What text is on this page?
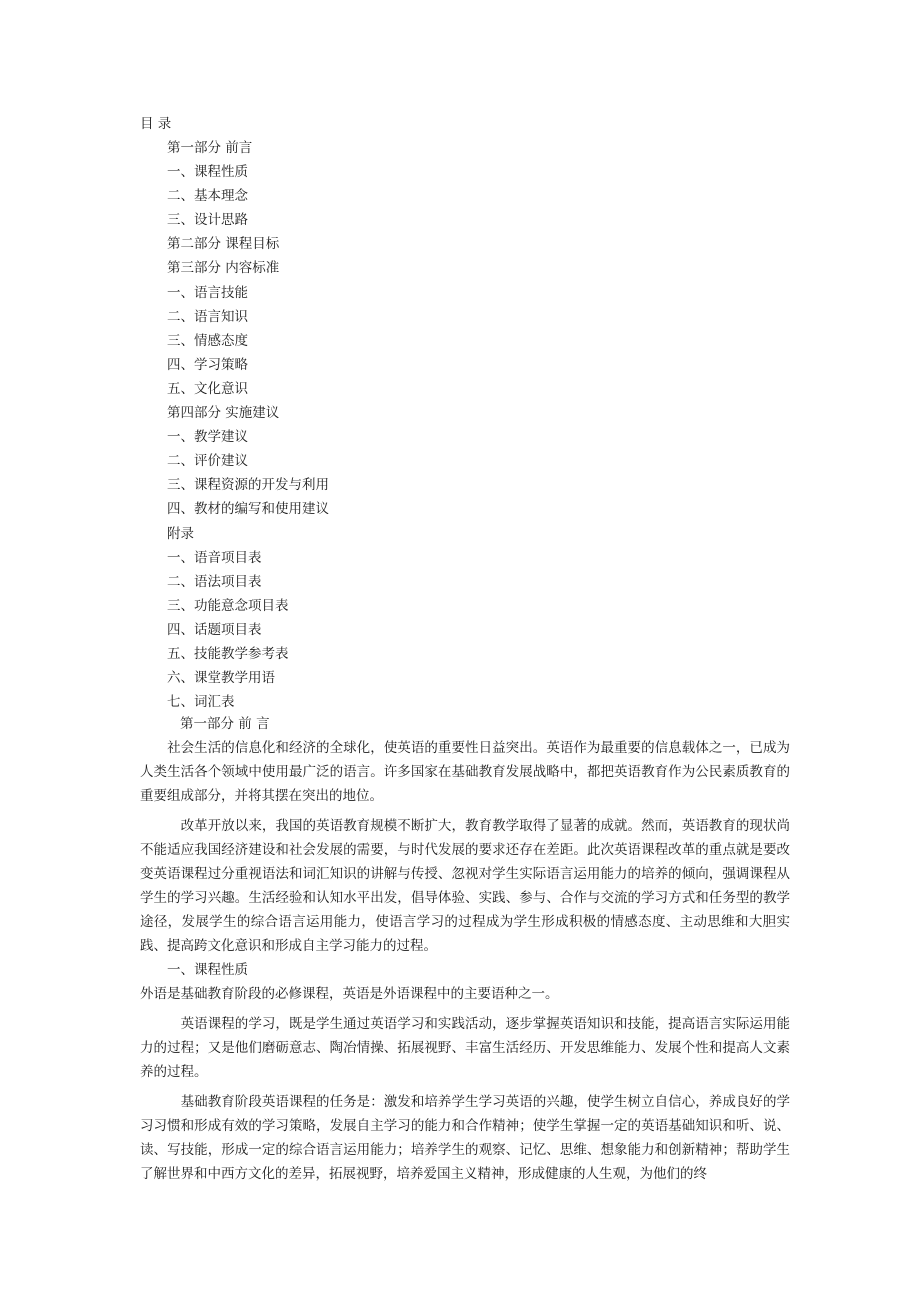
目 录
第一部分 前言
一、课程性质
二、基本理念
三、设计思路
第二部分 课程目标
第三部分 内容标准
一、语言技能
二、语言知识
三、情感态度
四、学习策略
五、文化意识
第四部分 实施建议
一、教学建议
二、评价建议
三、课程资源的开发与利用
四、教材的编写和使用建议
附录
一、语音项目表
二、语法项目表
三、功能意念项目表
四、话题项目表
五、技能教学参考表
六、课堂教学用语
七、词汇表
第一部分 前 言

　　社会生活的信息化和经济的全球化，使英语的重要性日益突出。英语作为最重要的信息载体之一，已成为人类生活各个领域中使用最广泛的语言。许多国家在基础教育发展战略中，都把英语教育作为公民素质教育的重要组成部分，并将其摆在突出的地位。

　　　改革开放以来，我国的英语教育规模不断扩大，教育教学取得了显著的成就。然而，英语教育的现状尚不能适应我国经济建设和社会发展的需要，与时代发展的要求还存在差距。此次英语课程改革的重点就是要改变英语课程过分重视语法和词汇知识的讲解与传授、忽视对学生实际语言运用能力的培养的倾向，强调课程从学生的学习兴趣。生活经验和认知水平出发，倡导体验、实践、参与、合作与交流的学习方式和任务型的教学途径，发展学生的综合语言运用能力，使语言学习的过程成为学生形成积极的情感态度、主动思维和大胆实践、提高跨文化意识和形成自主学习能力的过程。

一、课程性质

外语是基础教育阶段的必修课程，英语是外语课程中的主要语种之一。

　　　英语课程的学习，既是学生通过英语学习和实践活动，逐步掌握英语知识和技能，提高语言实际运用能力的过程；又是他们磨砺意志、陶冶情操、拓展视野、丰富生活经历、开发思维能力、发展个性和提高人文素养的过程。

　　　基础教育阶段英语课程的任务是：激发和培养学生学习英语的兴趣，使学生树立自信心，养成良好的学习习惯和形成有效的学习策略，发展自主学习的能力和合作精神；使学生掌握一定的英语基础知识和听、说、读、写技能，形成一定的综合语言运用能力；培养学生的观察、记忆、思维、想象能力和创新精神；帮助学生了解世界和中西方文化的差异，拓展视野，培养爱国主义精神，形成健康的人生观，为他们的终
